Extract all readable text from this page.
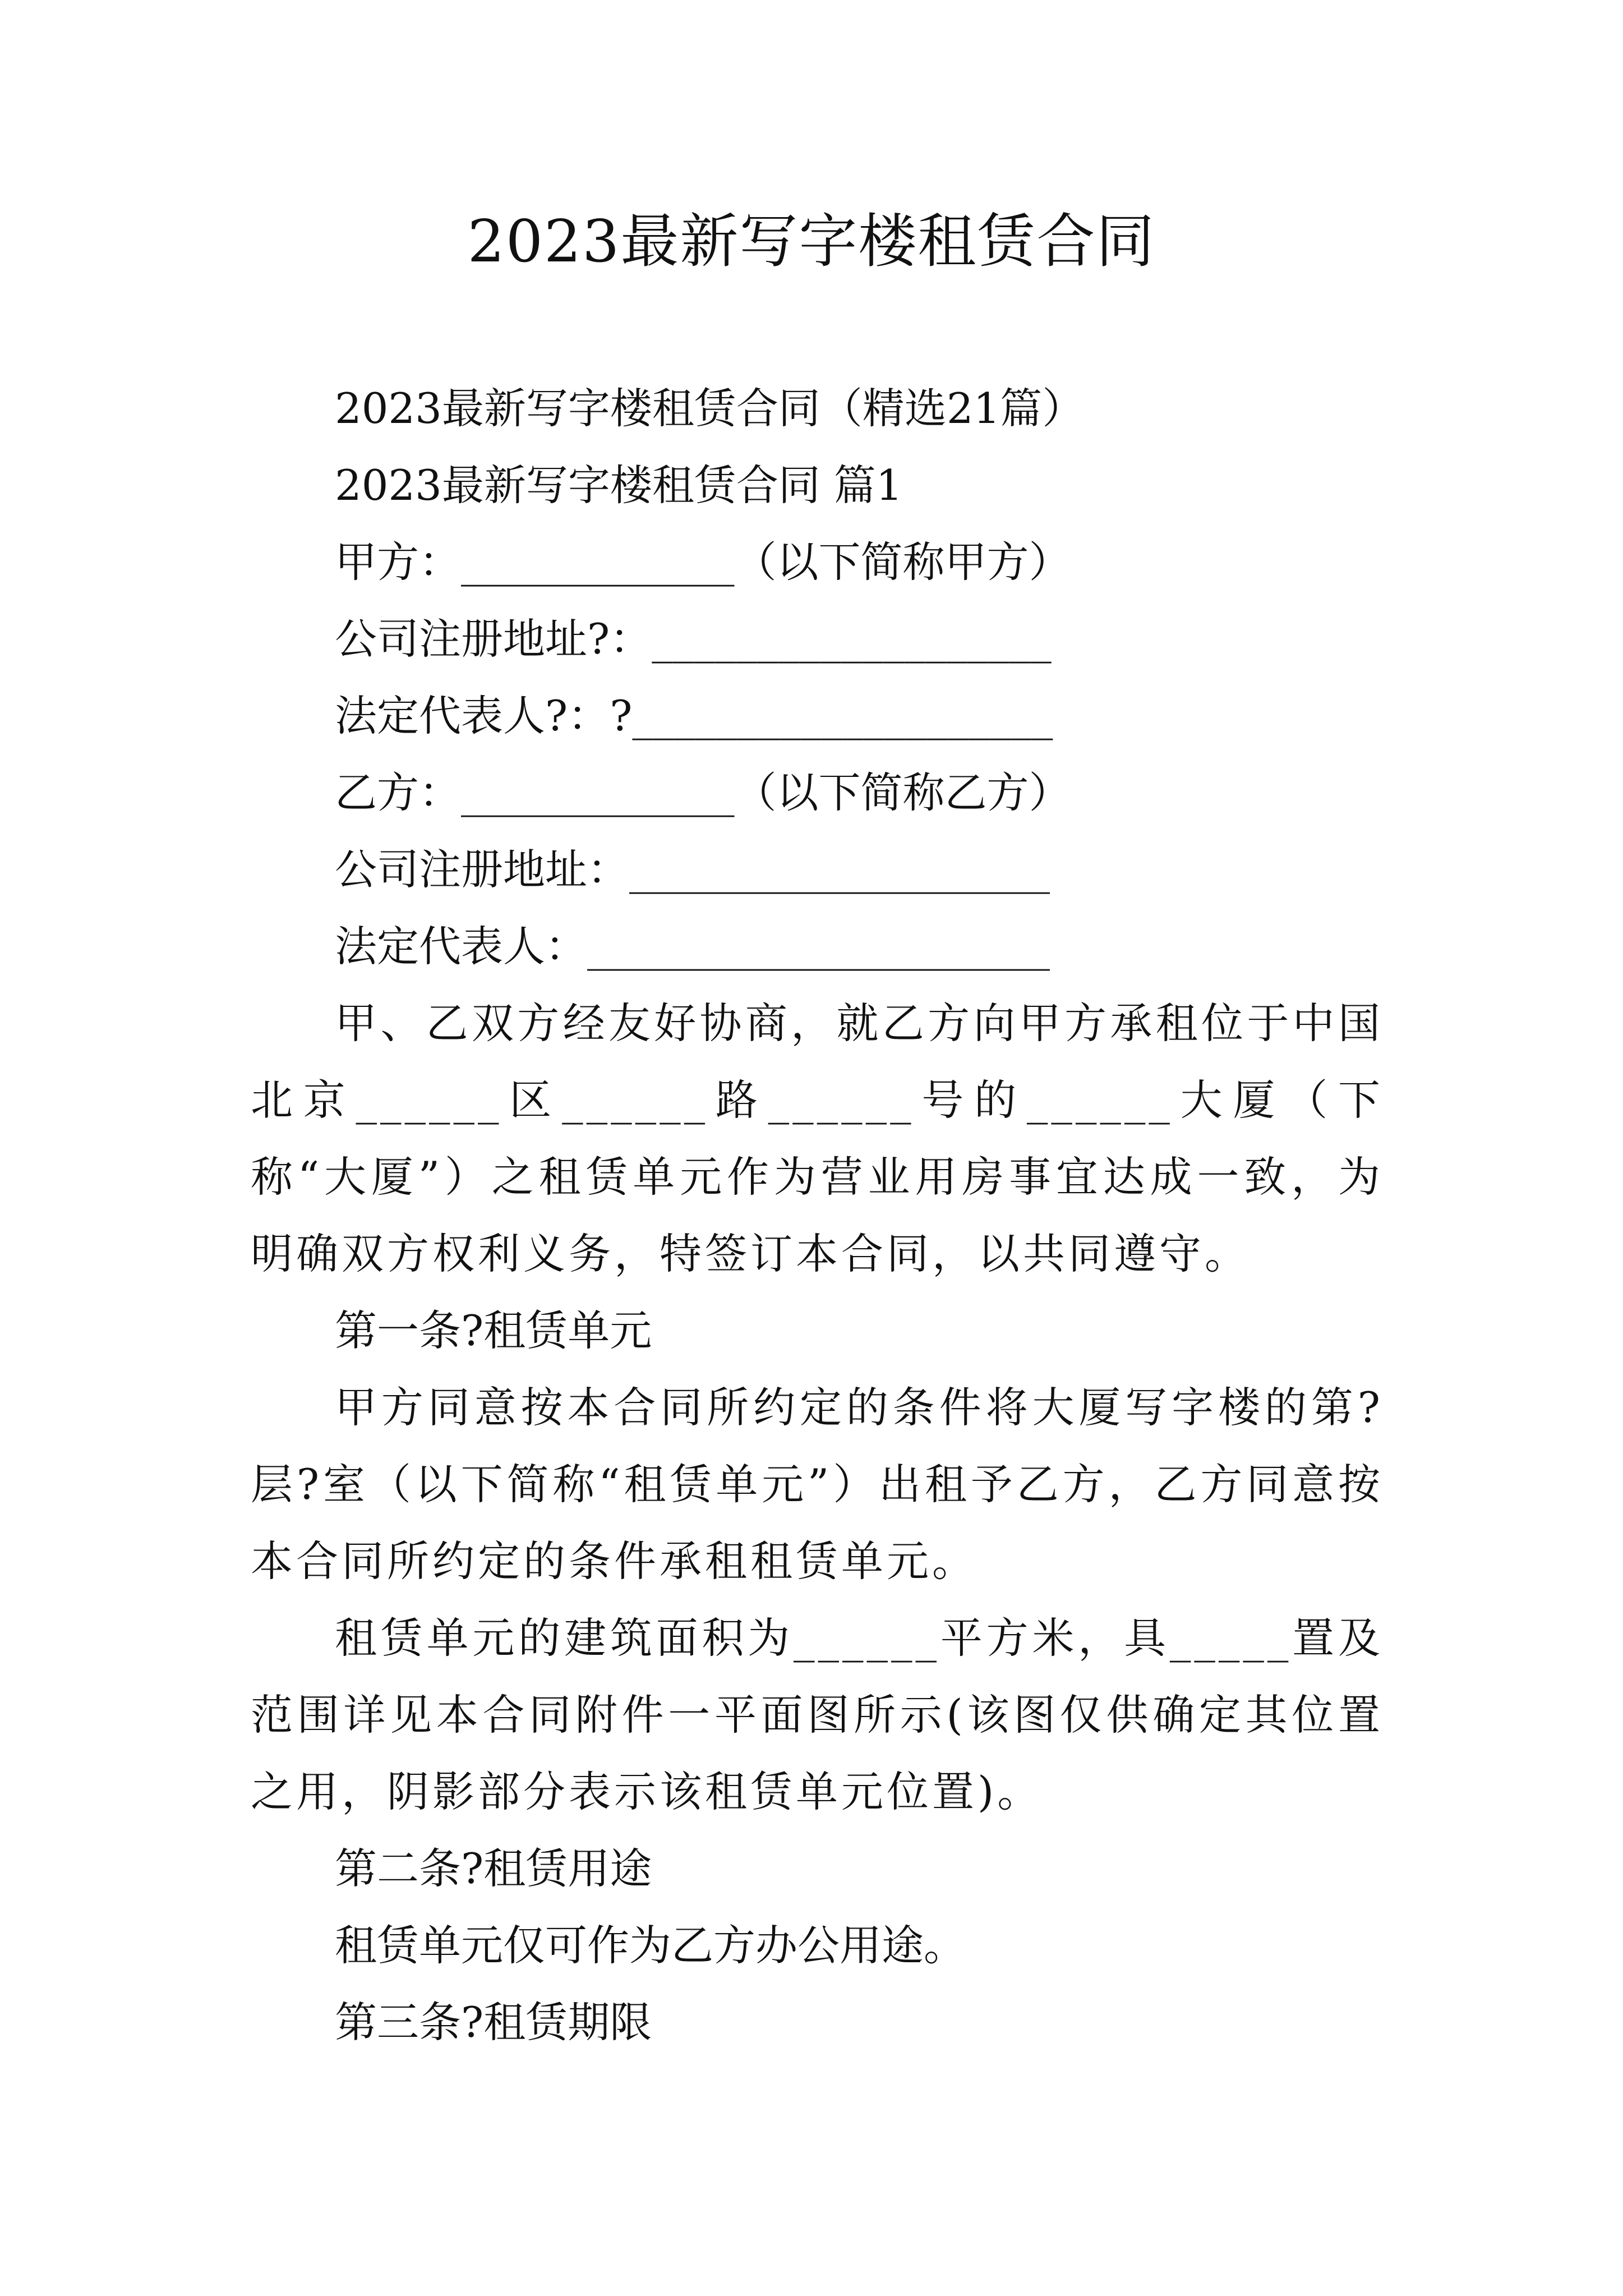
2023最新写字楼租赁合同

2023最新写字楼租赁合同（精选21篇）

2023最新写字楼租赁合同 篇1

甲方：_____________（以下简称甲方）

公司注册地址?：___________________

法定代表人?：?____________________

乙方：_____________（以下简称乙方）

公司注册地址：____________________

法定代表人：______________________

甲、乙双方经友好协商，就乙方向甲方承租位于中国北京______区______路______号的______大厦（下称“大厦”）之租赁单元作为营业用房事宜达成一致，为明确双方权利义务，特签订本合同，以共同遵守。

第一条?租赁单元

甲方同意按本合同所约定的条件将大厦写字楼的第?层?室（以下简称“租赁单元”）出租予乙方，乙方同意按本合同所约定的条件承租租赁单元。

租赁单元的建筑面积为______平方米，具_____置及范围详见本合同附件一平面图所示(该图仅供确定其位置之用，阴影部分表示该租赁单元位置)。

第二条?租赁用途

租赁单元仅可作为乙方办公用途。

第三条?租赁期限
